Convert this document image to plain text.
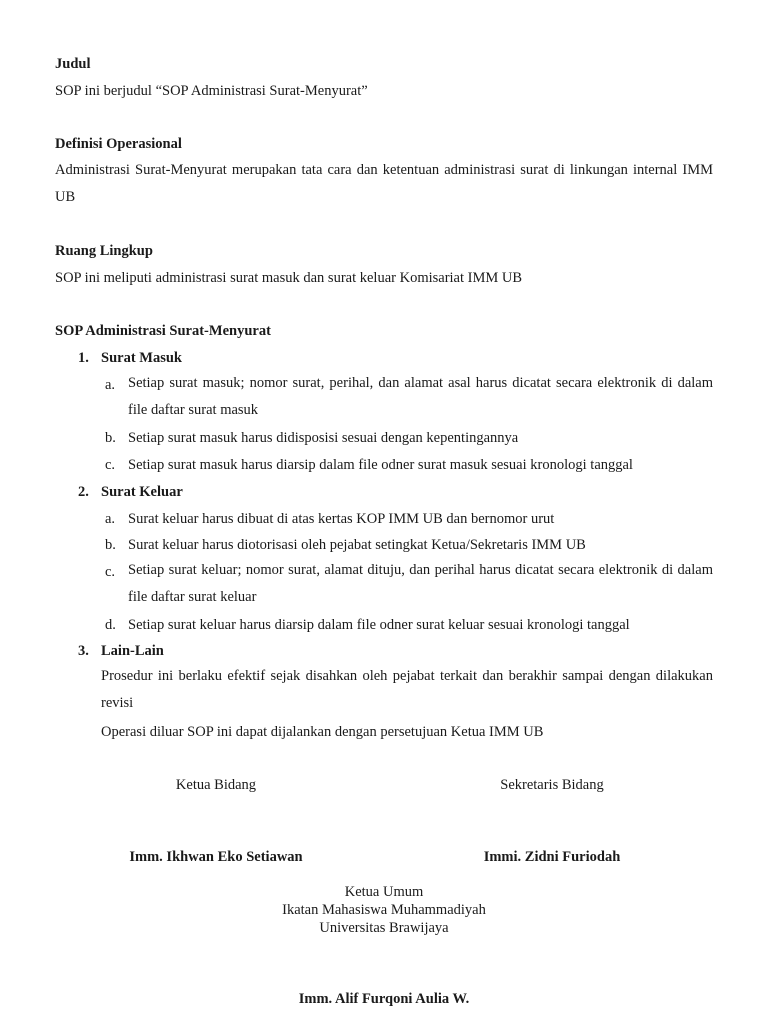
Judul
SOP ini berjudul “SOP Administrasi Surat-Menyurat”
Definisi Operasional
Administrasi Surat-Menyurat merupakan tata cara dan ketentuan administrasi surat di linkungan internal IMM UB
Ruang Lingkup
SOP ini meliputi administrasi surat masuk dan surat keluar Komisariat IMM UB
SOP Administrasi Surat-Menyurat
1. Surat Masuk
a. Setiap surat masuk; nomor surat, perihal, dan alamat asal harus dicatat secara elektronik di dalam file daftar surat masuk
b. Setiap surat masuk harus didisposisi sesuai dengan kepentingannya
c. Setiap surat masuk harus diarsip dalam file odner surat masuk sesuai kronologi tanggal
2. Surat Keluar
a. Surat keluar harus dibuat di atas kertas KOP IMM UB dan bernomor urut
b. Surat keluar harus diotorisasi oleh pejabat setingkat Ketua/Sekretaris IMM UB
c. Setiap surat keluar; nomor surat, alamat dituju, dan perihal harus dicatat secara elektronik di dalam file daftar surat keluar
d. Setiap surat keluar harus diarsip dalam file odner surat keluar sesuai kronologi tanggal
3. Lain-Lain
Prosedur ini berlaku efektif sejak disahkan oleh pejabat terkait dan berakhir sampai dengan dilakukan revisi
Operasi diluar SOP ini dapat dijalankan dengan persetujuan Ketua IMM UB
Ketua Bidang	Sekretaris Bidang
Imm. Ikhwan Eko Setiawan	Immi. Zidni Furiodah
Ketua Umum
Ikatan Mahasiswa Muhammadiyah
Universitas Brawijaya
Imm. Alif Furqoni Aulia W.
